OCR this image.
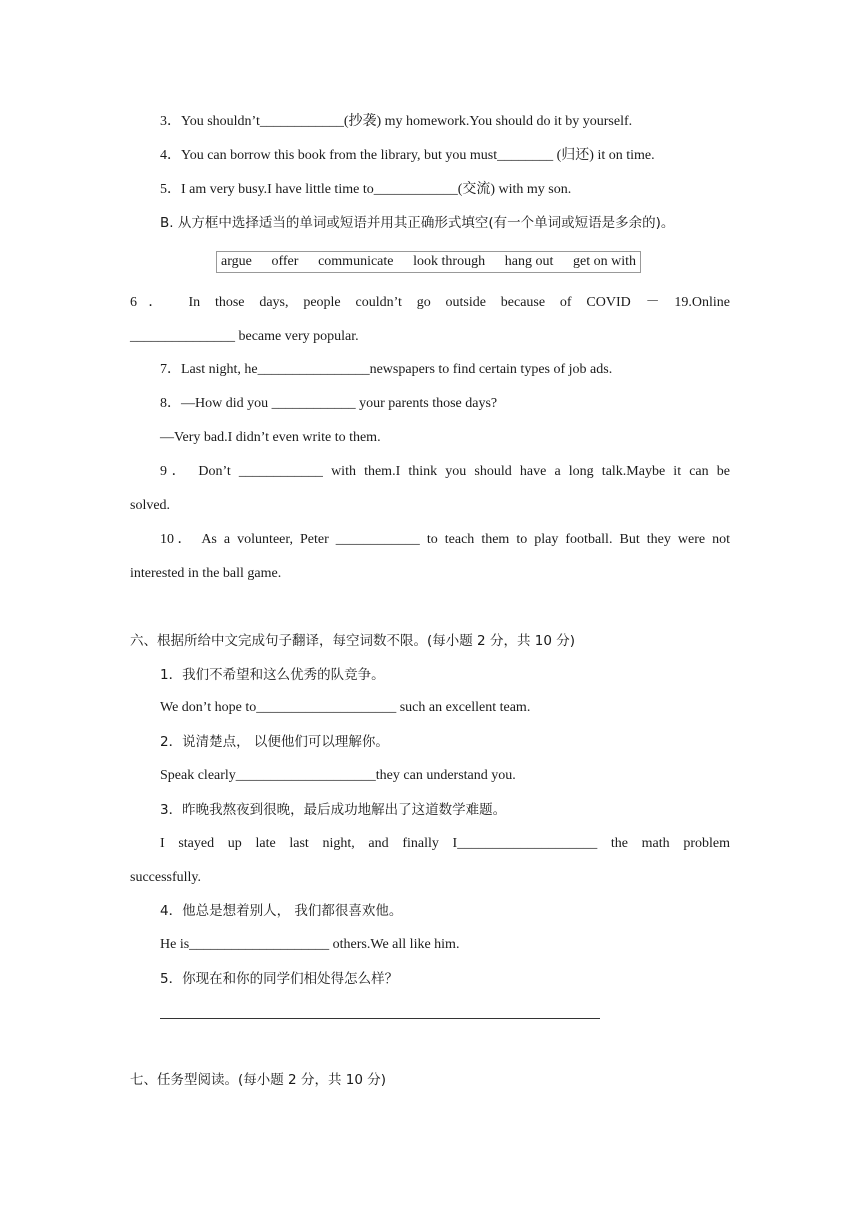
3．You shouldn’t____________(抄袭) my homework.You should do it by yourself.
4．You can borrow this book from the library, but you must________ (归还) it on time.
5．I am very busy.I have little time to____________(交流) with my son.
B. 从方框中选择适当的单词或短语并用其正确形式填空(有一个单词或短语是多余的)。
argue offer communicate look through hang out get on with
6． In those days, people couldn’t go outside because of COVID － 19.Online
_______________ became very popular.
7．Last night, he________________newspapers to find certain types of job ads.
8．—How did you ____________ your parents those days?
—Very bad.I didn’t even write to them.
9． Don’t ____________ with them.I think you should have a long talk.Maybe it can be
solved.
10． As a volunteer, Peter ____________ to teach them to play football. But they were not
interested in the ball game.
六、根据所给中文完成句子翻译，每空词数不限。(每小题 2 分，共 10 分)
1．我们不希望和这么优秀的队竞争。
We don’t hope to____________________ such an excellent team.
2．说清楚点， 以便他们可以理解你。
Speak clearly____________________they can understand you.
3．昨晚我熬夜到很晚，最后成功地解出了这道数学难题。
I stayed up late last night, and finally I____________________ the math problem
successfully.
4．他总是想着别人， 我们都很喜欢他。
He is____________________ others.We all like him.
5．你现在和你的同学们相处得怎么样？
七、任务型阅读。(每小题 2 分，共 10 分)
